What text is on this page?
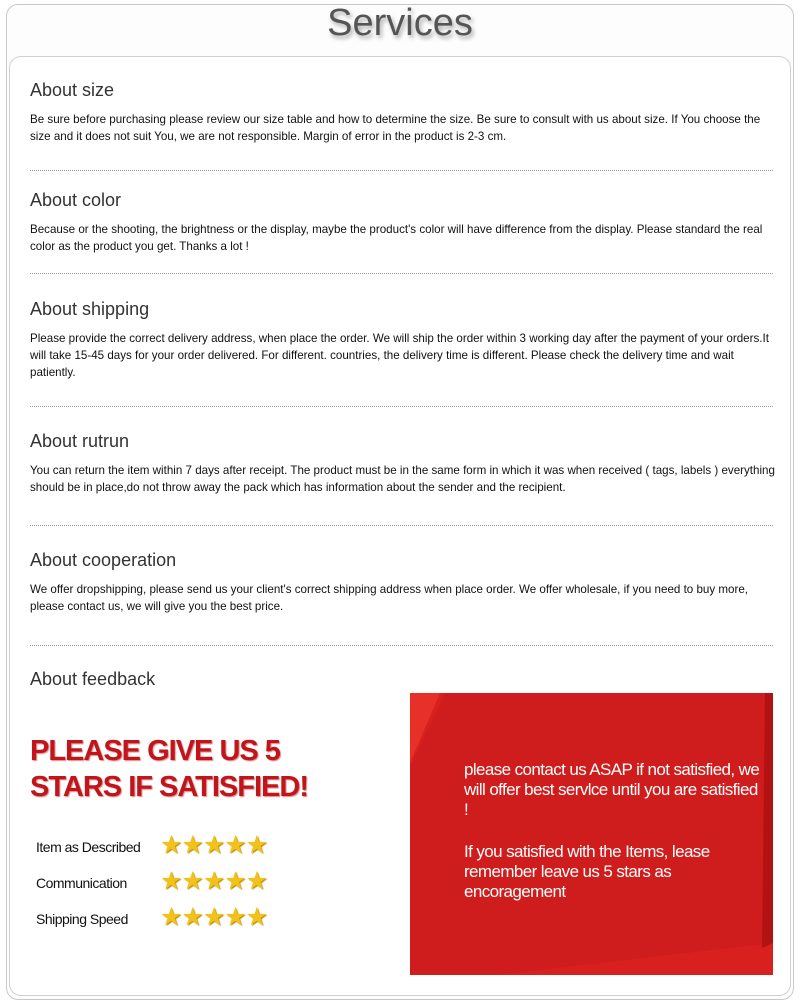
Services
About size

Be sure before purchasing please review our size table and how to determine the size. Be sure to consult with us about size. If You choose the size and it does not suit You, we are not responsible. Margin of error in the product is 2-3 cm.

About color

Because or the shooting, the brightness or the display, maybe the product's color will have difference from the display. Please standard the real color as the product you get. Thanks a lot !

About shipping

Please provide the correct delivery address, when place the order. We will ship the order within 3 working day after the payment of your orders.It will take 15-45 days for your order delivered. For different. countries, the delivery time is different. Please check the delivery time and wait patiently.

About rutrun

You can return the item within 7 days after receipt. The product must be in the same form in which it was when received ( tags, labels ) everything should be in place,do not throw away the pack which has information about the sender and the recipient.

About cooperation

We offer dropshipping, please send us your client's correct shipping address when place order. We offer wholesale, if you need to buy more, please contact us, we will give you the best price.

About feedback
PLEASE GIVE US 5
STARS IF SATISFIED!
Item as Described ★★★★★
Communication ★★★★★
Shipping Speed ★★★★★
please contact us ASAP if not satisfied, we will offer best servlce until you are satisfied !
If you satisfied with the Items, lease remember leave us 5 stars as encoragement
